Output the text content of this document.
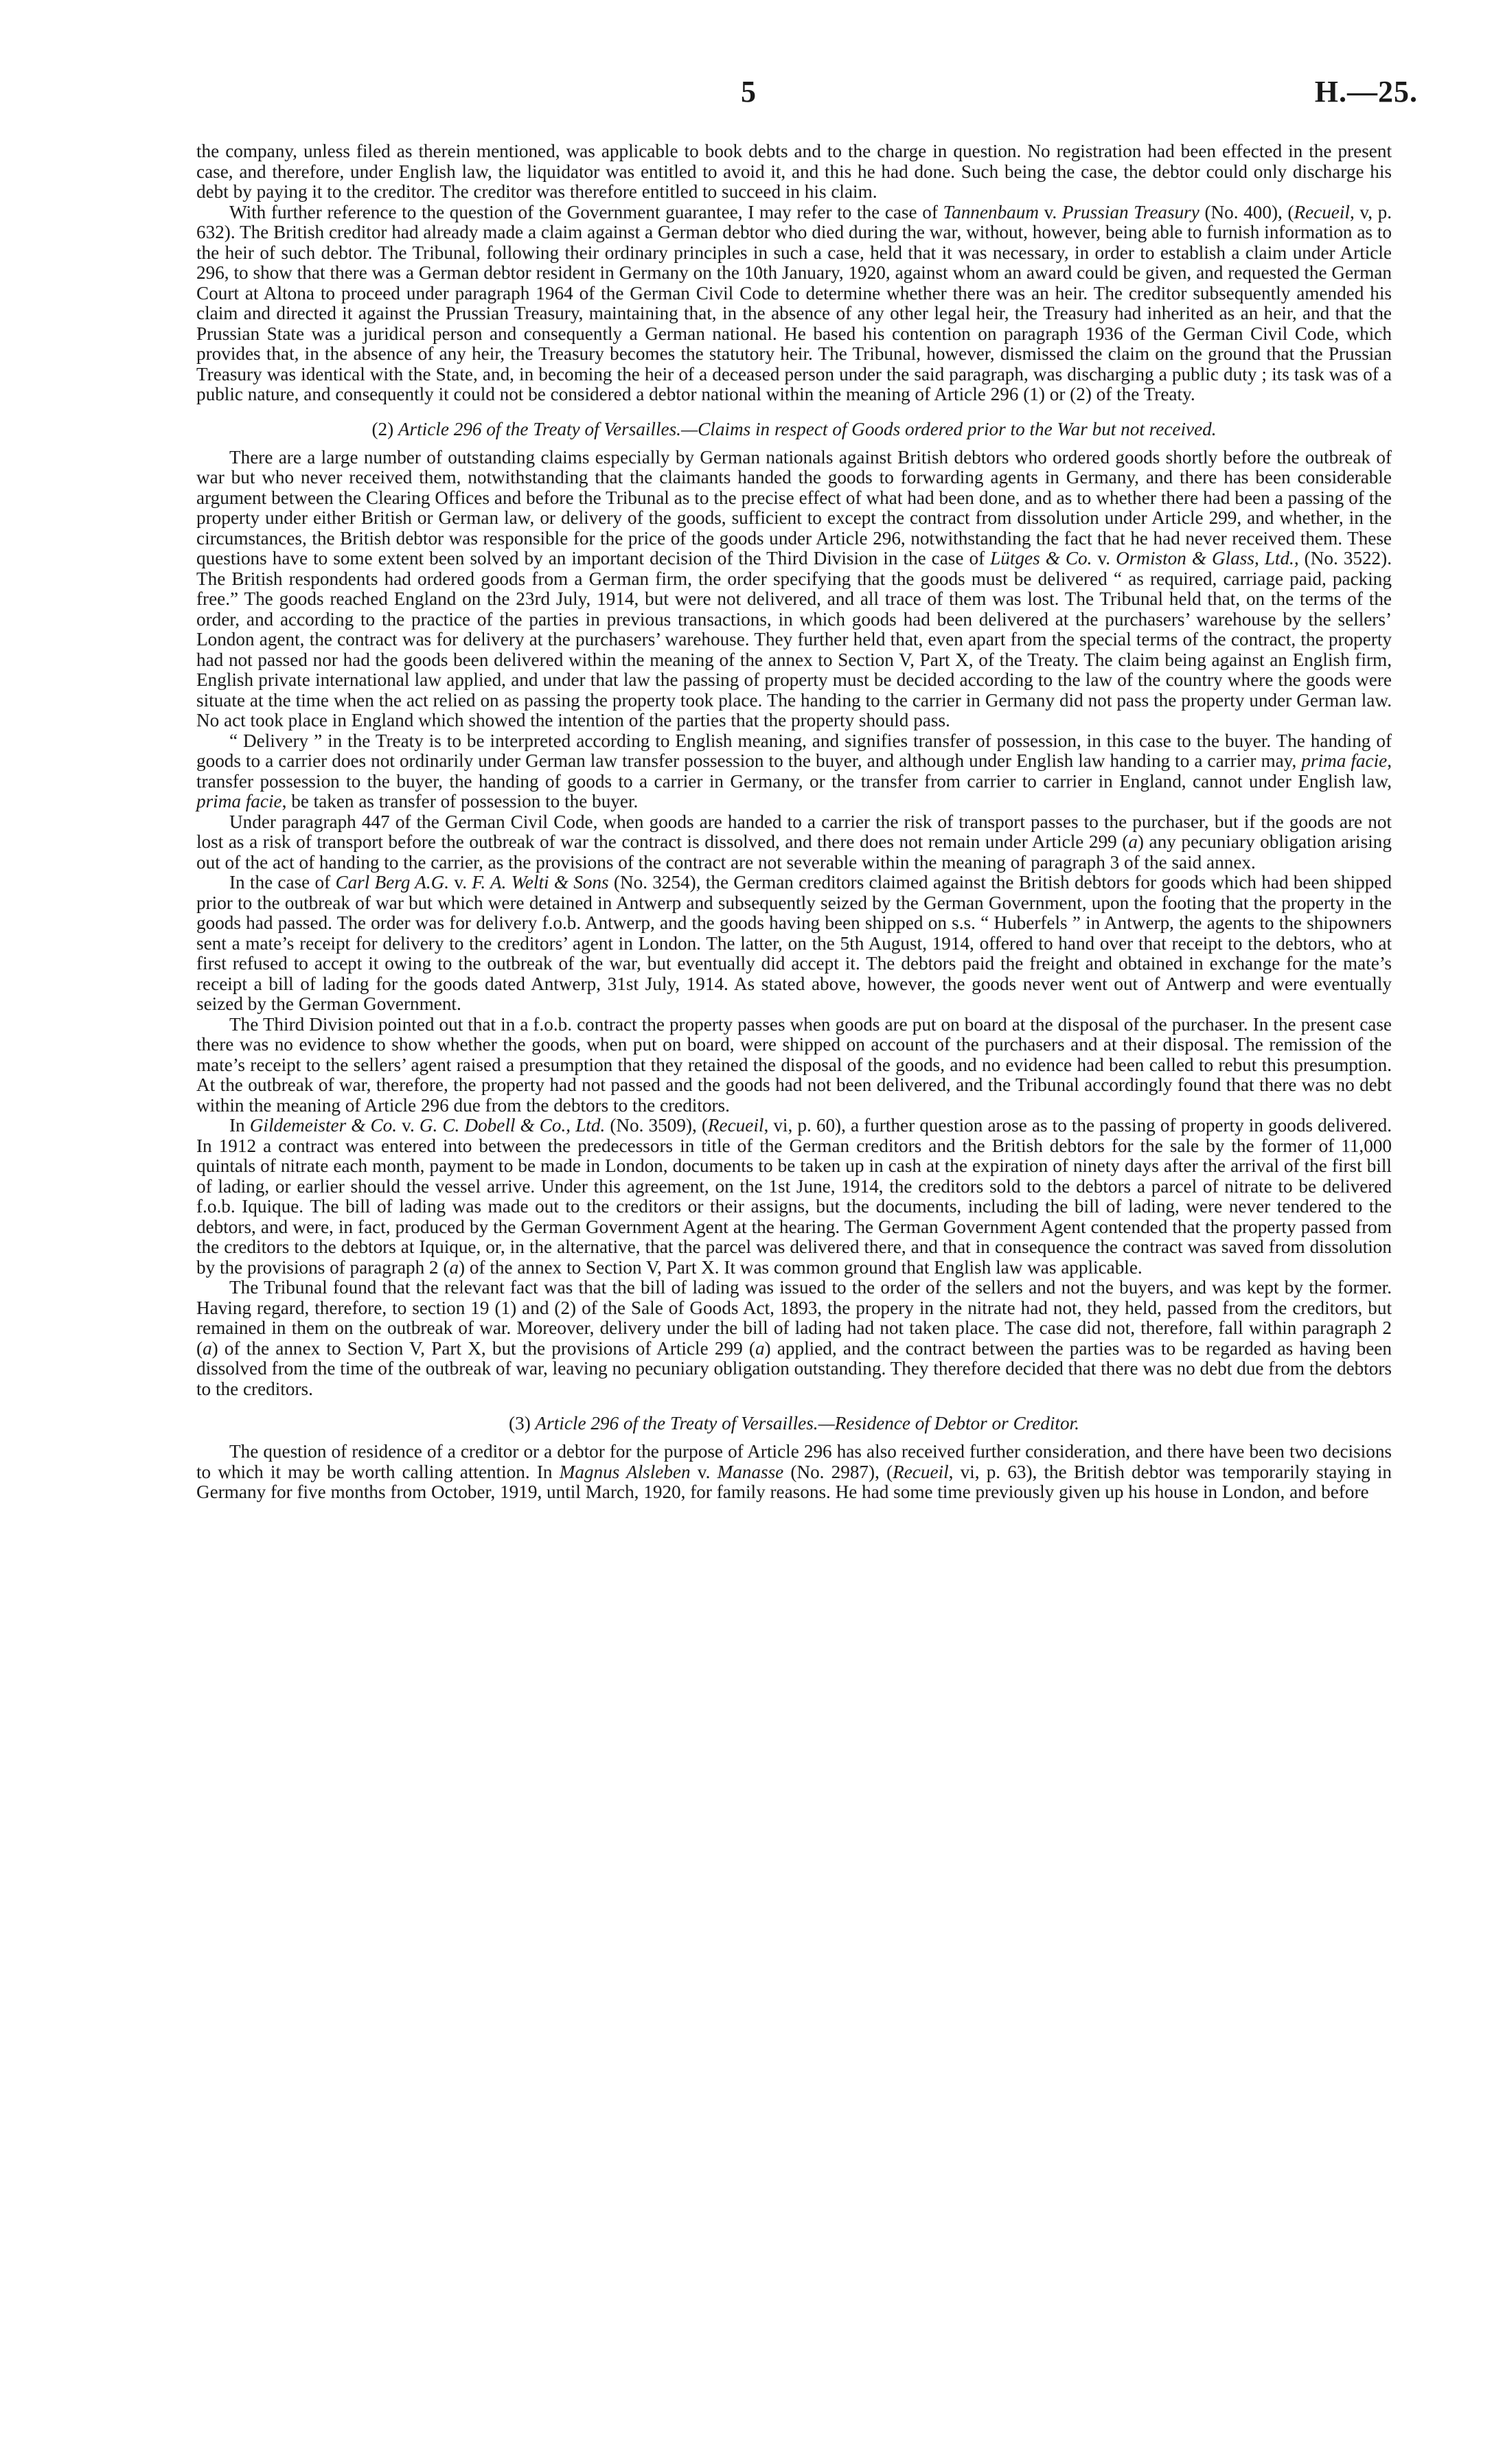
5	H.—25.

the company, unless filed as therein mentioned, was applicable to book debts and to the charge in question. No registration had been effected in the present case, and therefore, under English law, the liquidator was entitled to avoid it, and this he had done. Such being the case, the debtor could only discharge his debt by paying it to the creditor. The creditor was therefore entitled to succeed in his claim.

With further reference to the question of the Government guarantee, I may refer to the case of Tannenbaum v. Prussian Treasury (No. 400), (Recueil, v, p. 632). The British creditor had already made a claim against a German debtor who died during the war, without, however, being able to furnish information as to the heir of such debtor. The Tribunal, following their ordinary principles in such a case, held that it was necessary, in order to establish a claim under Article 296, to show that there was a German debtor resident in Germany on the 10th January, 1920, against whom an award could be given, and requested the German Court at Altona to proceed under paragraph 1964 of the German Civil Code to determine whether there was an heir. The creditor subsequently amended his claim and directed it against the Prussian Treasury, maintaining that, in the absence of any other legal heir, the Treasury had inherited as an heir, and that the Prussian State was a juridical person and consequently a German national. He based his contention on paragraph 1936 of the German Civil Code, which provides that, in the absence of any heir, the Treasury becomes the statutory heir. The Tribunal, however, dismissed the claim on the ground that the Prussian Treasury was identical with the State, and, in becoming the heir of a deceased person under the said paragraph, was discharging a public duty ; its task was of a public nature, and consequently it could not be considered a debtor national within the meaning of Article 296 (1) or (2) of the Treaty.

(2) Article 296 of the Treaty of Versailles.—Claims in respect of Goods ordered prior to the War but not received.

There are a large number of outstanding claims especially by German nationals against British debtors who ordered goods shortly before the outbreak of war but who never received them, notwithstanding that the claimants handed the goods to forwarding agents in Germany, and there has been considerable argument between the Clearing Offices and before the Tribunal as to the precise effect of what had been done, and as to whether there had been a passing of the property under either British or German law, or delivery of the goods, sufficient to except the contract from dissolution under Article 299, and whether, in the circumstances, the British debtor was responsible for the price of the goods under Article 296, notwithstanding the fact that he had never received them. These questions have to some extent been solved by an important decision of the Third Division in the case of Lütges & Co. v. Ormiston & Glass, Ltd., (No. 3522). The British respondents had ordered goods from a German firm, the order specifying that the goods must be delivered “ as required, carriage paid, packing free.” The goods reached England on the 23rd July, 1914, but were not delivered, and all trace of them was lost. The Tribunal held that, on the terms of the order, and according to the practice of the parties in previous transactions, in which goods had been delivered at the purchasers’ warehouse by the sellers’ London agent, the contract was for delivery at the purchasers’ warehouse. They further held that, even apart from the special terms of the contract, the property had not passed nor had the goods been delivered within the meaning of the annex to Section V, Part X, of the Treaty. The claim being against an English firm, English private international law applied, and under that law the passing of property must be decided according to the law of the country where the goods were situate at the time when the act relied on as passing the property took place. The handing to the carrier in Germany did not pass the property under German law. No act took place in England which showed the intention of the parties that the property should pass.

“ Delivery ” in the Treaty is to be interpreted according to English meaning, and signifies transfer of possession, in this case to the buyer. The handing of goods to a carrier does not ordinarily under German law transfer possession to the buyer, and although under English law handing to a carrier may, prima facie, transfer possession to the buyer, the handing of goods to a carrier in Germany, or the transfer from carrier to carrier in England, cannot under English law, prima facie, be taken as transfer of possession to the buyer.

Under paragraph 447 of the German Civil Code, when goods are handed to a carrier the risk of transport passes to the purchaser, but if the goods are not lost as a risk of transport before the outbreak of war the contract is dissolved, and there does not remain under Article 299 (a) any pecuniary obligation arising out of the act of handing to the carrier, as the provisions of the contract are not severable within the meaning of paragraph 3 of the said annex.

In the case of Carl Berg A.G. v. F. A. Welti & Sons (No. 3254), the German creditors claimed against the British debtors for goods which had been shipped prior to the outbreak of war but which were detained in Antwerp and subsequently seized by the German Government, upon the footing that the property in the goods had passed. The order was for delivery f.o.b. Antwerp, and the goods having been shipped on s.s. “ Huberfels ” in Antwerp, the agents to the shipowners sent a mate’s receipt for delivery to the creditors’ agent in London. The latter, on the 5th August, 1914, offered to hand over that receipt to the debtors, who at first refused to accept it owing to the outbreak of the war, but eventually did accept it. The debtors paid the freight and obtained in exchange for the mate’s receipt a bill of lading for the goods dated Antwerp, 31st July, 1914. As stated above, however, the goods never went out of Antwerp and were eventually seized by the German Government.

The Third Division pointed out that in a f.o.b. contract the property passes when goods are put on board at the disposal of the purchaser. In the present case there was no evidence to show whether the goods, when put on board, were shipped on account of the purchasers and at their disposal. The remission of the mate’s receipt to the sellers’ agent raised a presumption that they retained the disposal of the goods, and no evidence had been called to rebut this presumption. At the outbreak of war, therefore, the property had not passed and the goods had not been delivered, and the Tribunal accordingly found that there was no debt within the meaning of Article 296 due from the debtors to the creditors.

In Gildemeister & Co. v. G. C. Dobell & Co., Ltd. (No. 3509), (Recueil, vi, p. 60), a further question arose as to the passing of property in goods delivered. In 1912 a contract was entered into between the predecessors in title of the German creditors and the British debtors for the sale by the former of 11,000 quintals of nitrate each month, payment to be made in London, documents to be taken up in cash at the expiration of ninety days after the arrival of the first bill of lading, or earlier should the vessel arrive. Under this agreement, on the 1st June, 1914, the creditors sold to the debtors a parcel of nitrate to be delivered f.o.b. Iquique. The bill of lading was made out to the creditors or their assigns, but the documents, including the bill of lading, were never tendered to the debtors, and were, in fact, produced by the German Government Agent at the hearing. The German Government Agent contended that the property passed from the creditors to the debtors at Iquique, or, in the alternative, that the parcel was delivered there, and that in consequence the contract was saved from dissolution by the provisions of paragraph 2 (a) of the annex to Section V, Part X. It was common ground that English law was applicable.

The Tribunal found that the relevant fact was that the bill of lading was issued to the order of the sellers and not the buyers, and was kept by the former. Having regard, therefore, to section 19 (1) and (2) of the Sale of Goods Act, 1893, the propery in the nitrate had not, they held, passed from the creditors, but remained in them on the outbreak of war. Moreover, delivery under the bill of lading had not taken place. The case did not, therefore, fall within paragraph 2 (a) of the annex to Section V, Part X, but the provisions of Article 299 (a) applied, and the contract between the parties was to be regarded as having been dissolved from the time of the outbreak of war, leaving no pecuniary obligation outstanding. They therefore decided that there was no debt due from the debtors to the creditors.

(3) Article 296 of the Treaty of Versailles.—Residence of Debtor or Creditor.

The question of residence of a creditor or a debtor for the purpose of Article 296 has also received further consideration, and there have been two decisions to which it may be worth calling attention. In Magnus Alsleben v. Manasse (No. 2987), (Recueil, vi, p. 63), the British debtor was temporarily staying in Germany for five months from October, 1919, until March, 1920, for family reasons. He had some time previously given up his house in London, and before
